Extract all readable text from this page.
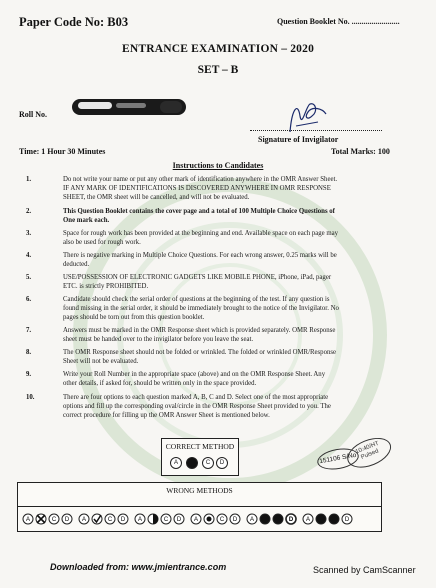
Paper Code No: B03	Question Booklet No. ........................
ENTRANCE EXAMINATION – 2020
SET – B
Roll No.
Signature of Invigilator
Time: 1 Hour 30 Minutes	Total Marks: 100
Instructions to Candidates
1.	Do not write your name or put any other mark of identification anywhere in the OMR Answer Sheet.
IF ANY MARK OF IDENTIFICATIONS IS DISCOVERED ANYWHERE IN OMR RESPONSE
SHEET, the OMR sheet will be cancelled, and will not be evaluated.
2.	This Question Booklet contains the cover page and a total of 100 Multiple Choice Questions of
One mark each.
3.	Space for rough work has been provided at the beginning and end. Available space on each page may
also be used for rough work.
4.	There is negative marking in Multiple Choice Questions. For each wrong answer, 0.25 marks will be
deducted.
5.	USE/POSSESSION OF ELECTRONIC GADGETS LIKE MOBILE PHONE, iPhone, iPad, pager
ETC. is strictly PROHIBITED.
6.	Candidate should check the serial order of questions at the beginning of the test. If any question is
found missing in the serial order, it should be immediately brought to the notice of the Invigilator. No
pages should be torn out from this question booklet.
7.	Answers must be marked in the OMR Response sheet which is provided separately. OMR Response
sheet must be handed over to the invigilator before you leave the seat.
8.	The OMR Response sheet should not be folded or wrinkled. The folded or wrinkled OMR/Response
Sheet will not be evaluated.
9.	Write your Roll Number in the appropriate space (above) and on the OMR Response Sheet. Any
other details, if asked for, should be written only in the space provided.
10.	There are four options to each question marked A, B, C and D. Select one of the most appropriate
options and fill up the corresponding oval/circle in the OMR Response Sheet provided to you. The
correct procedure for filling up the OMR Answer Sheet is mentioned below.
CORRECT METHOD
A	C	D	151106 S/No
10:40/HT Pulsed
WRONG METHODS
A	C D A	C D A	C D A	C D A	D A	D
Downloaded from: www.jmientrance.com	Scanned by CamScanner
